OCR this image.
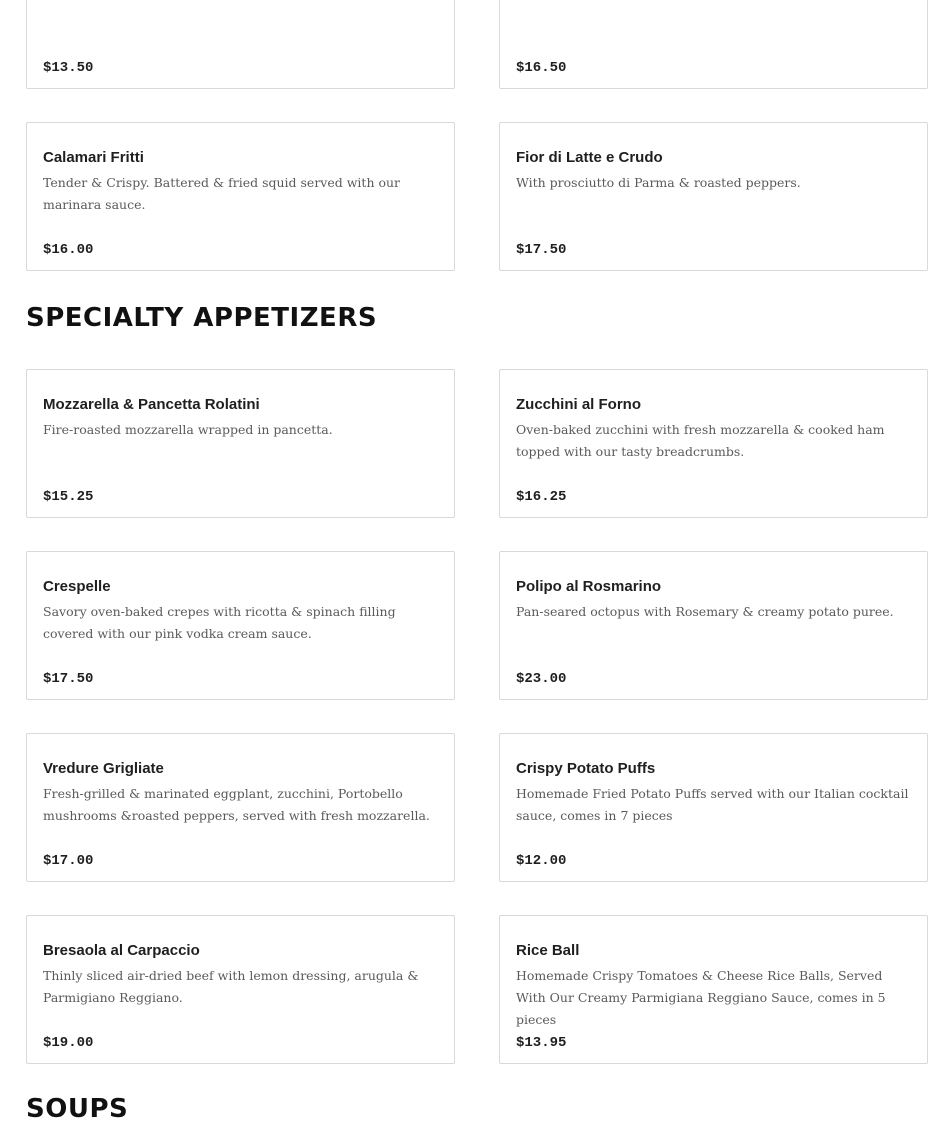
$13.50	$16.50
Calamari Fritti
Tender & Crispy. Battered & fried squid served with our marinara sauce.
$16.00
Fior di Latte e Crudo
With prosciutto di Parma & roasted peppers.
$17.50
SPECIALTY APPETIZERS
Mozzarella & Pancetta Rolatini
Fire-roasted mozzarella wrapped in pancetta.
$15.25
Zucchini al Forno
Oven-baked zucchini with fresh mozzarella & cooked ham topped with our tasty breadcrumbs.
$16.25
Crespelle
Savory oven-baked crepes with ricotta & spinach filling covered with our pink vodka cream sauce.
$17.50
Polipo al Rosmarino
Pan-seared octopus with Rosemary & creamy potato puree.
$23.00
Vredure Grigliate
Fresh-grilled & marinated eggplant, zucchini, Portobello mushrooms &roasted peppers, served with fresh mozzarella.
$17.00
Crispy Potato Puffs
Homemade Fried Potato Puffs served with our Italian cocktail sauce, comes in 7 pieces
$12.00
Bresaola al Carpaccio
Thinly sliced air-dried beef with lemon dressing, arugula & Parmigiano Reggiano.
$19.00
Rice Ball
Homemade Crispy Tomatoes & Cheese Rice Balls, Served With Our Creamy Parmigiana Reggiano Sauce, comes in 5 pieces
$13.95
SOUPS
